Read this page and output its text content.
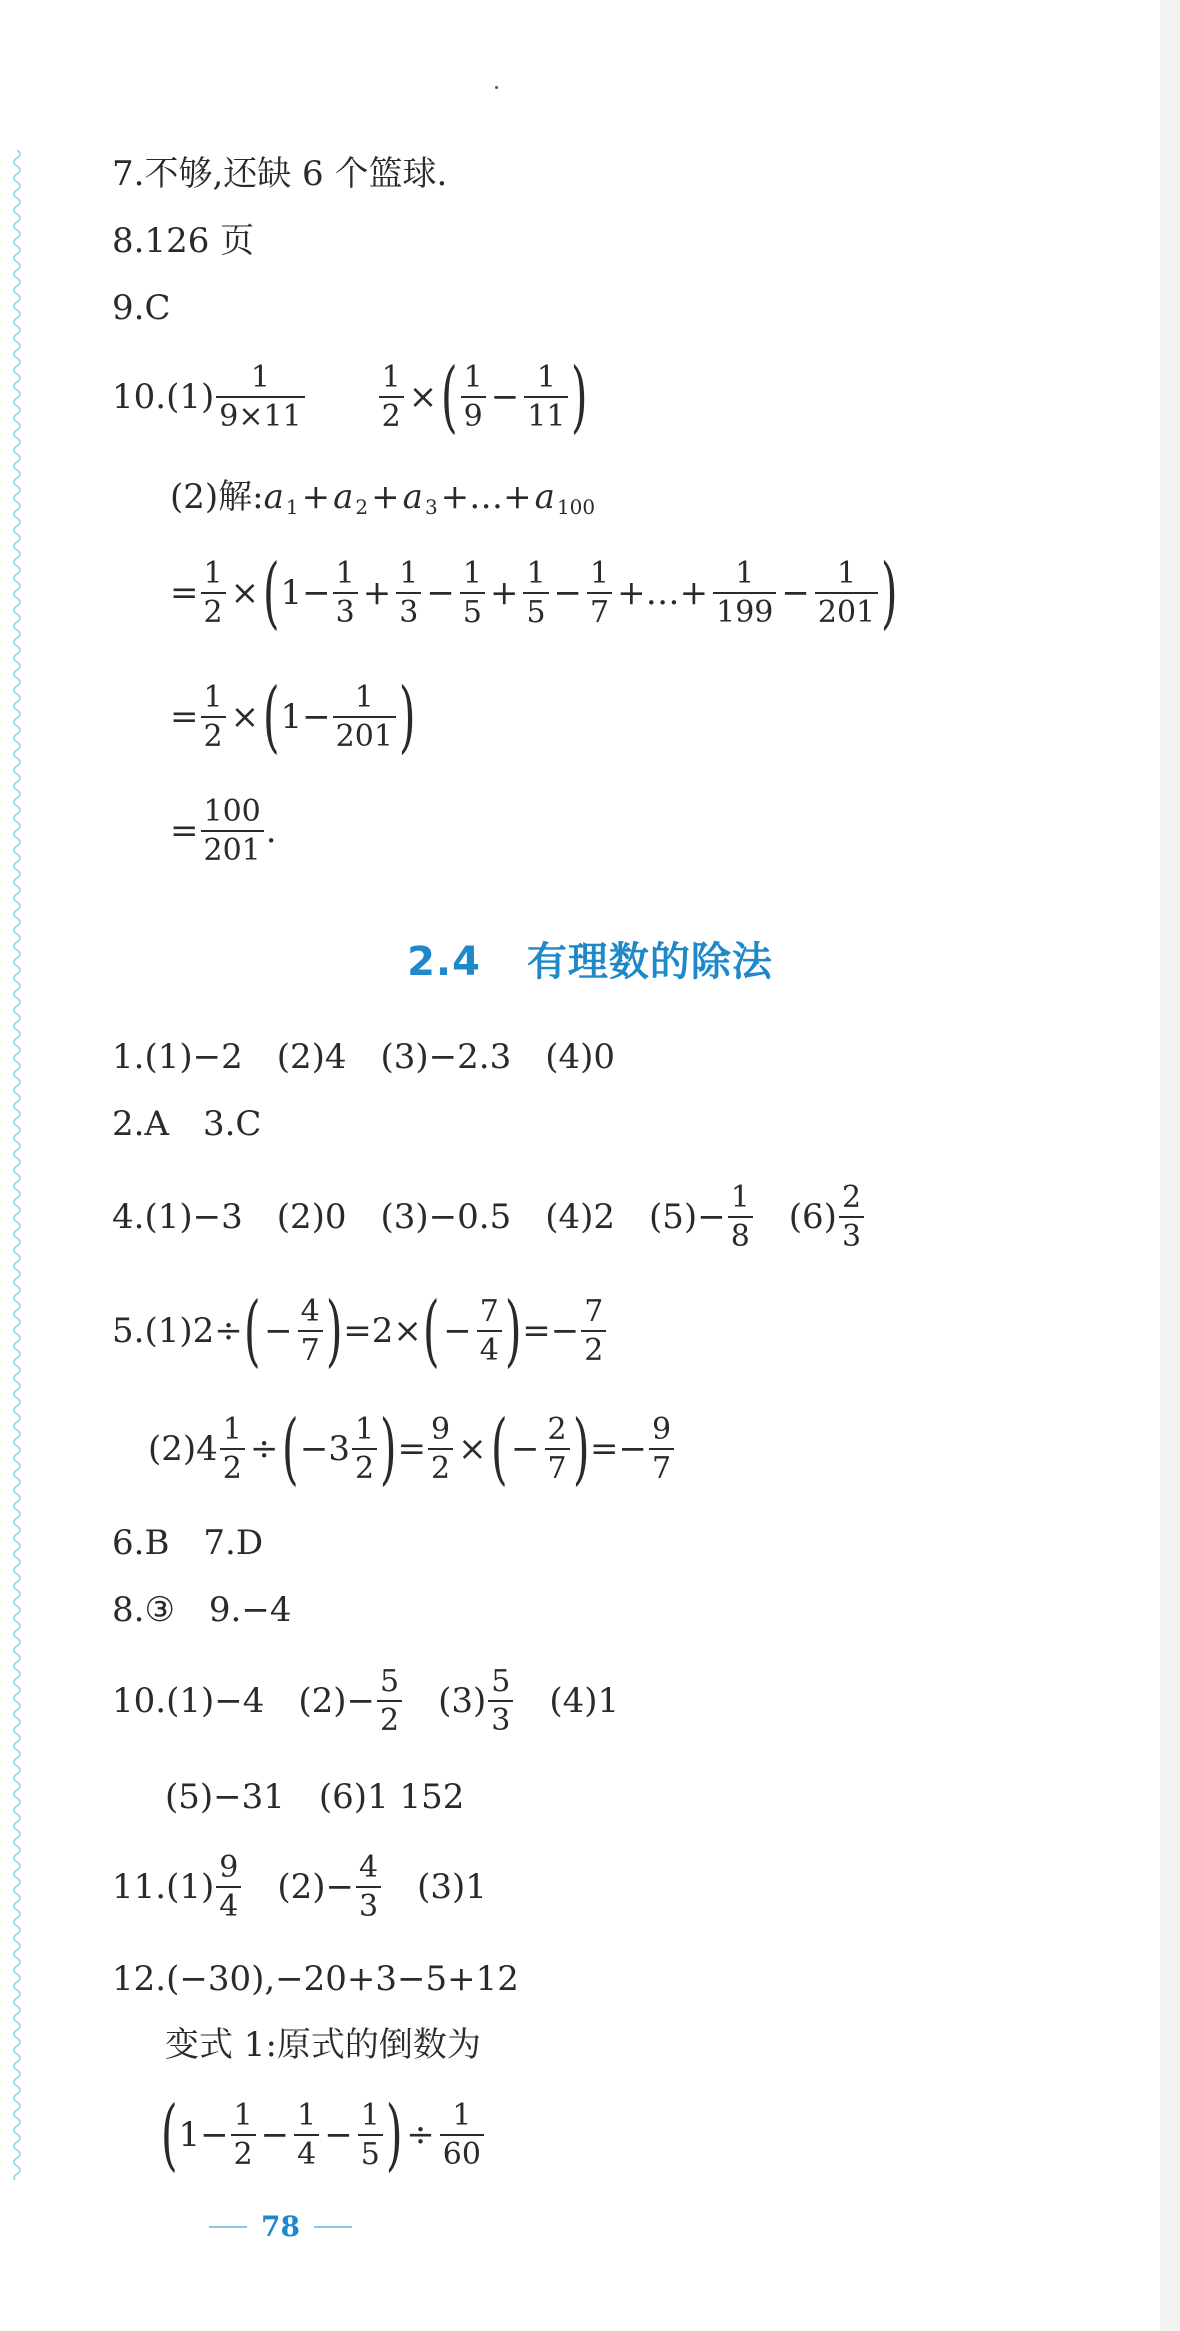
7.不够,还缺 6 个篮球.
8.126 页
9.C
$10.(1) \frac{1}{9\times 11} \frac{1}{2}$ × ( $\frac{1}{9} - \frac{1}{11}$ )
(2)解: a 1 + a 2 + a 3 +…+ a 100
= $\frac{1}{2}$ × ( $1- \frac{1}{3} + \frac{1}{3} - \frac{1}{5} + \frac{1}{5} - \frac{1}{7}$ +…+ $\frac{1}{199} - \frac{1}{201}$ )
= $\frac{1}{2}$ × ( $1- \frac{1}{201}$ )
= $\frac{100}{201}$ .
2.4 有理数的除法
1.(1)−2　(2)4　(3)−2.3　(4)0
2.A　3.C
4.(1)−3　(2)0　(3)−0.5　(4)2　$(5)- \frac{1}{8}$ 　$(6) \frac{2}{3}$
5.(1)2÷ ( − $\frac{4}{7}$ ) =2× ( − $\frac{7}{4}$ ) =− $\frac{7}{2}$
$(2)4 \frac{1}{2}$ ÷ ( $-3 \frac{1}{2}$ ) = $\frac{9}{2}$ × ( − $\frac{2}{7}$ ) =− $\frac{9}{7}$
6.B　7.D
8.③　9.−4
10.(1)−4　$(2)- \frac{5}{2}$ 　$(3) \frac{5}{3}$ 　(4)1
(5)−31　(6)1 152
$11.(1) \frac{9}{4}$ 　$(2)- \frac{4}{3}$ 　(3)1
12.(−30),−20+3−5+12
变式 1:原式的倒数为
( $1- \frac{1}{2} - \frac{1}{4} - \frac{1}{5}$ ) ÷ $\frac{1}{60}$
78
